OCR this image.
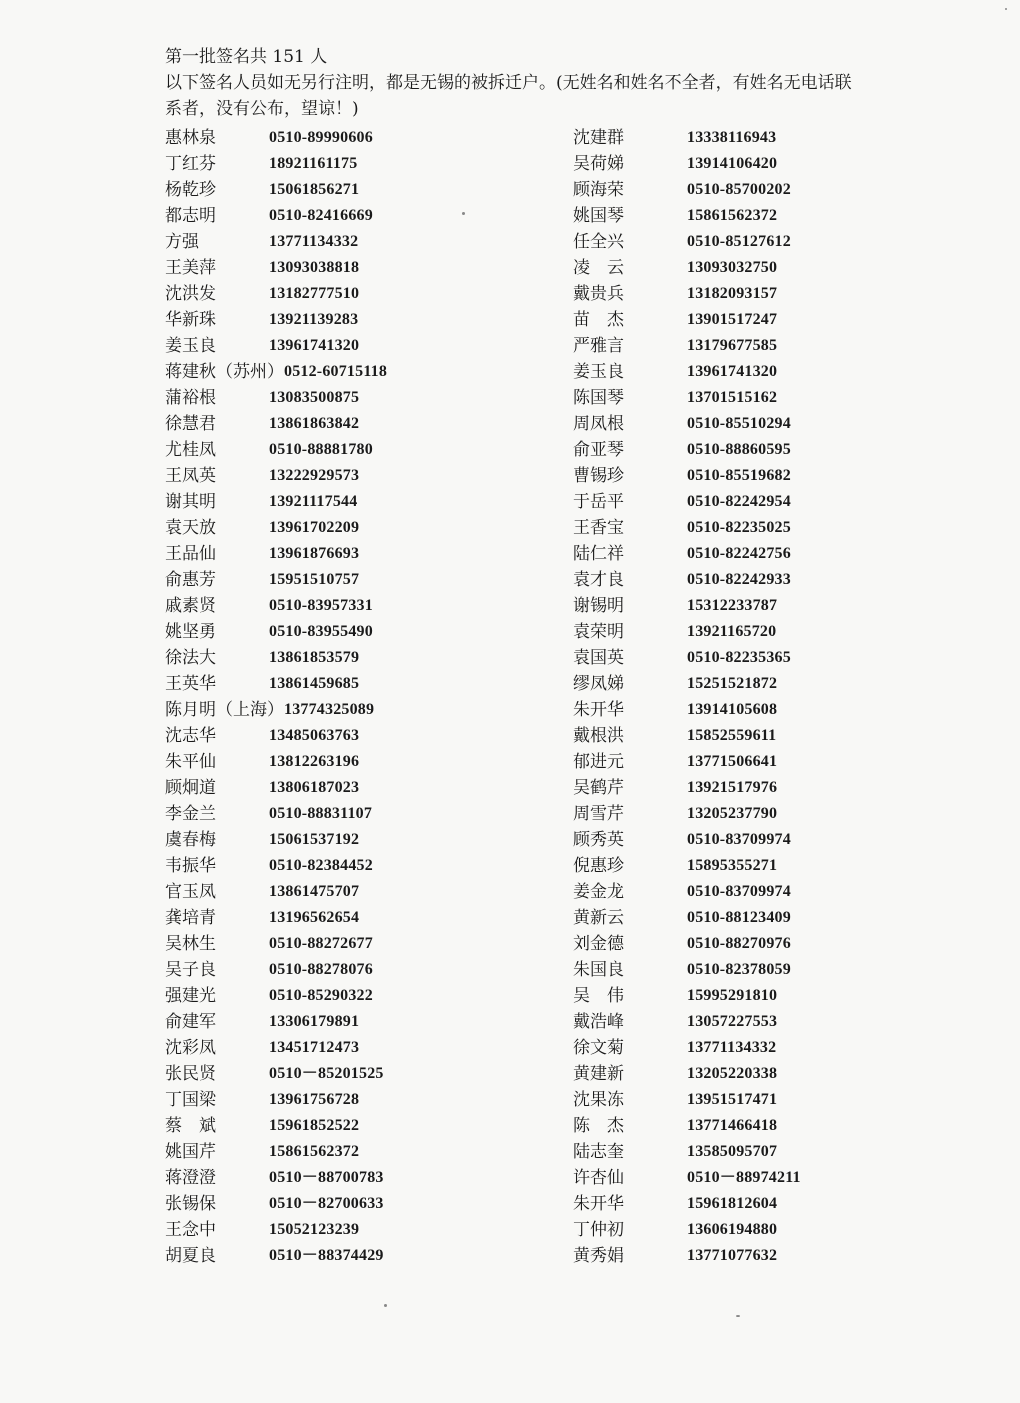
第一批签名共 151 人
以下签名人员如无另行注明，都是无锡的被拆迁户。(无姓名和姓名不全者，有姓名无电话联
系者，没有公布，望谅！)
惠林泉	0510-89990606
丁红芬	18921161175
杨乾珍	15061856271
都志明	0510-82416669
方强	13771134332
王美萍	13093038818
沈洪发	13182777510
华新珠	13921139283
姜玉良	13961741320
蒋建秋（苏州） 0512-60715118
蒲裕根	13083500875
徐慧君	13861863842
尤桂凤	0510-88881780
王凤英	13222929573
谢其明	13921117544
袁天放	13961702209
王品仙	13961876693
俞惠芳	15951510757
戚素贤	0510-83957331
姚坚勇	0510-83955490
徐法大	13861853579
王英华	13861459685
陈月明（上海） 13774325089
沈志华	13485063763
朱平仙	13812263196
顾炯道	13806187023
李金兰	0510-88831107
虞春梅	15061537192
韦振华	0510-82384452
官玉凤	13861475707
龚培青	13196562654
吴林生	0510-88272677
吴子良	0510-88278076
强建光	0510-85290322
俞建军	13306179891
沈彩凤	13451712473
张民贤	0510－85201525
丁国梁	13961756728
蔡　斌	15961852522
姚国芹	15861562372
蒋澄澄	0510－88700783
张锡保	0510－82700633
王念中	15052123239
胡夏良	0510－88374429
沈建群	13338116943
吴荷娣	13914106420
顾海荣	0510-85700202
姚国琴	15861562372
任全兴	0510-85127612
凌　云	13093032750
戴贵兵	13182093157
苗　杰	13901517247
严雅言	13179677585
姜玉良	13961741320
陈国琴	13701515162
周凤根	0510-85510294
俞亚琴	0510-88860595
曹锡珍	0510-85519682
于岳平	0510-82242954
王香宝	0510-82235025
陆仁祥	0510-82242756
袁才良	0510-82242933
谢锡明	15312233787
袁荣明	13921165720
袁国英	0510-82235365
缪凤娣	15251521872
朱开华	13914105608
戴根洪	15852559611
郁进元	13771506641
吴鹤芹	13921517976
周雪芹	13205237790
顾秀英	0510-83709974
倪惠珍	15895355271
姜金龙	0510-83709974
黄新云	0510-88123409
刘金德	0510-88270976
朱国良	0510-82378059
吴　伟	15995291810
戴浩峰	13057227553
徐文菊	13771134332
黄建新	13205220338
沈果冻	13951517471
陈　杰	13771466418
陆志奎	13585095707
许杏仙	0510－88974211
朱开华	15961812604
丁仲初	13606194880
黄秀娟	13771077632
